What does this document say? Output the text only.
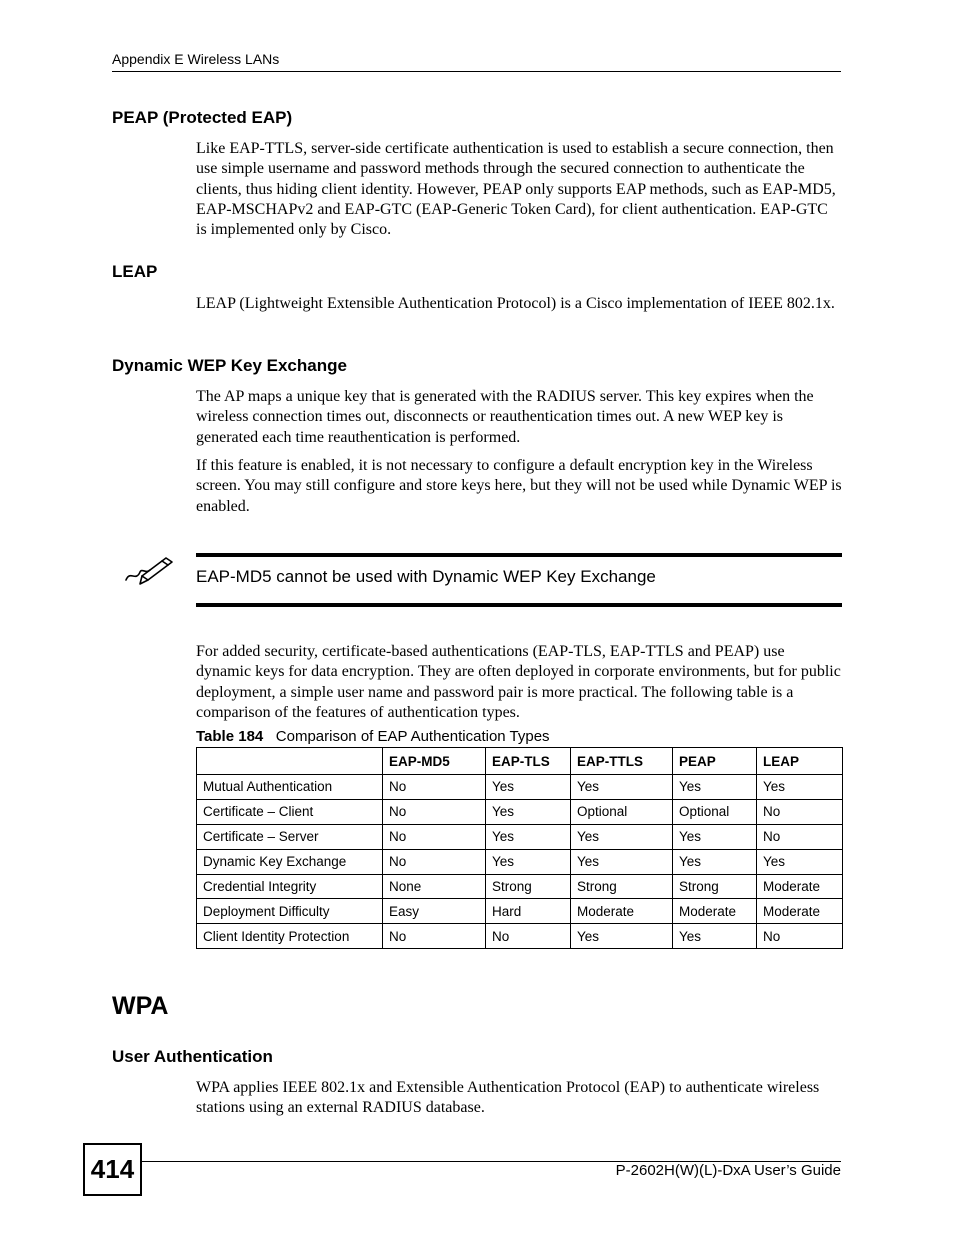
Appendix E Wireless LANs
PEAP (Protected EAP)

Like EAP-TTLS, server-side certificate authentication is used to establish a secure connection, then use simple username and password methods through the secured connection to authenticate the clients, thus hiding client identity. However, PEAP only supports EAP methods, such as EAP-MD5, EAP-MSCHAPv2 and EAP-GTC (EAP-Generic Token Card), for client authentication. EAP-GTC is implemented only by Cisco.

LEAP

LEAP (Lightweight Extensible Authentication Protocol) is a Cisco implementation of IEEE 802.1x.

Dynamic WEP Key Exchange

The AP maps a unique key that is generated with the RADIUS server. This key expires when the wireless connection times out, disconnects or reauthentication times out. A new WEP key is generated each time reauthentication is performed.

If this feature is enabled, it is not necessary to configure a default encryption key in the Wireless screen. You may still configure and store keys here, but they will not be used while Dynamic WEP is enabled.

EAP-MD5 cannot be used with Dynamic WEP Key Exchange

For added security, certificate-based authentications (EAP-TLS, EAP-TTLS and PEAP) use dynamic keys for data encryption. They are often deployed in corporate environments, but for public deployment, a simple user name and password pair is more practical. The following table is a comparison of the features of authentication types.

Table 184 Comparison of EAP Authentication Types
	EAP-MD5	EAP-TLS	EAP-TTLS	PEAP	LEAP
Mutual Authentication	No	Yes	Yes	Yes	Yes
Certificate – Client	No	Yes	Optional	Optional	No
Certificate – Server	No	Yes	Yes	Yes	No
Dynamic Key Exchange	No	Yes	Yes	Yes	Yes
Credential Integrity	None	Strong	Strong	Strong	Moderate
Deployment Difficulty	Easy	Hard	Moderate	Moderate	Moderate
Client Identity Protection	No	No	Yes	Yes	No
WPA
User Authentication

WPA applies IEEE 802.1x and Extensible Authentication Protocol (EAP) to authenticate wireless stations using an external RADIUS database.

414	P-2602H(W)(L)-DxA User’s Guide
